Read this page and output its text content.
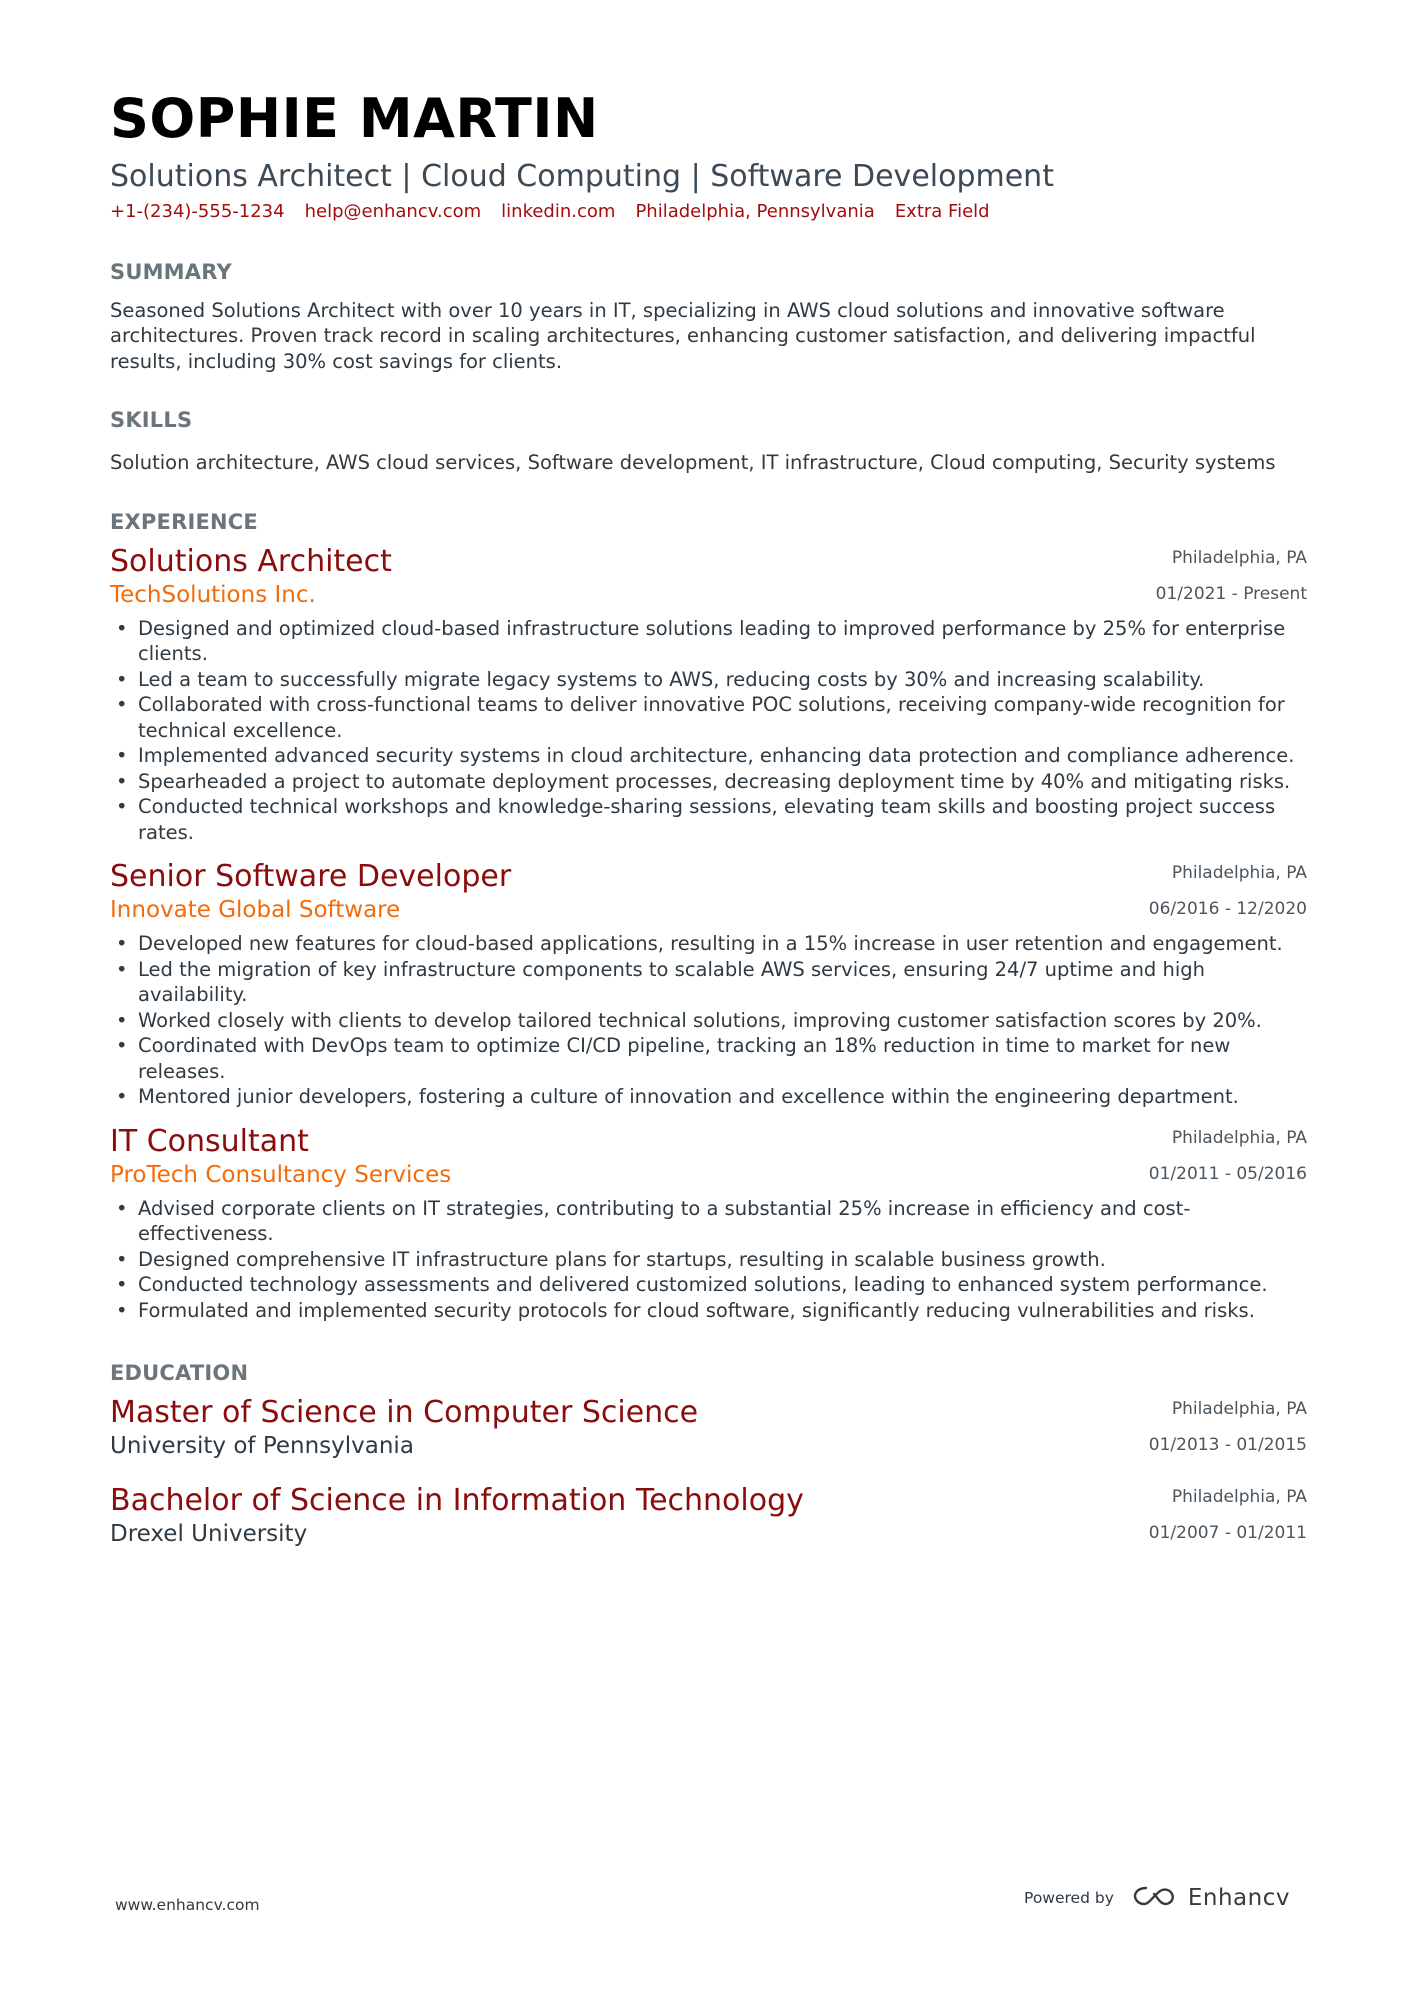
SOPHIE MARTIN
Solutions Architect | Cloud Computing | Software Development
+1-(234)-555-1234 help@enhancv.com linkedin.com Philadelphia, Pennsylvania Extra Field
SUMMARY
Seasoned Solutions Architect with over 10 years in IT, specializing in AWS cloud solutions and innovative software architectures. Proven track record in scaling architectures, enhancing customer satisfaction, and delivering impactful results, including 30% cost savings for clients.
SKILLS
Solution architecture, AWS cloud services, Software development, IT infrastructure, Cloud computing, Security systems
EXPERIENCE
Solutions Architect
TechSolutions Inc.
Philadelphia, PA
01/2021 - Present
• Designed and optimized cloud-based infrastructure solutions leading to improved performance by 25% for enterprise clients.
• Led a team to successfully migrate legacy systems to AWS, reducing costs by 30% and increasing scalability.
• Collaborated with cross-functional teams to deliver innovative POC solutions, receiving company-wide recognition for technical excellence.
• Implemented advanced security systems in cloud architecture, enhancing data protection and compliance adherence.
• Spearheaded a project to automate deployment processes, decreasing deployment time by 40% and mitigating risks.
• Conducted technical workshops and knowledge-sharing sessions, elevating team skills and boosting project success rates.
Senior Software Developer
Innovate Global Software
Philadelphia, PA
06/2016 - 12/2020
• Developed new features for cloud-based applications, resulting in a 15% increase in user retention and engagement.
• Led the migration of key infrastructure components to scalable AWS services, ensuring 24/7 uptime and high availability.
• Worked closely with clients to develop tailored technical solutions, improving customer satisfaction scores by 20%.
• Coordinated with DevOps team to optimize CI/CD pipeline, tracking an 18% reduction in time to market for new releases.
• Mentored junior developers, fostering a culture of innovation and excellence within the engineering department.
IT Consultant
ProTech Consultancy Services
Philadelphia, PA
01/2011 - 05/2016
• Advised corporate clients on IT strategies, contributing to a substantial 25% increase in efficiency and cost-effectiveness.
• Designed comprehensive IT infrastructure plans for startups, resulting in scalable business growth.
• Conducted technology assessments and delivered customized solutions, leading to enhanced system performance.
• Formulated and implemented security protocols for cloud software, significantly reducing vulnerabilities and risks.
EDUCATION
Master of Science in Computer Science
University of Pennsylvania
Philadelphia, PA
01/2013 - 01/2015
Bachelor of Science in Information Technology
Drexel University
Philadelphia, PA
01/2007 - 01/2011
www.enhancv.com	Powered by	Enhancv
